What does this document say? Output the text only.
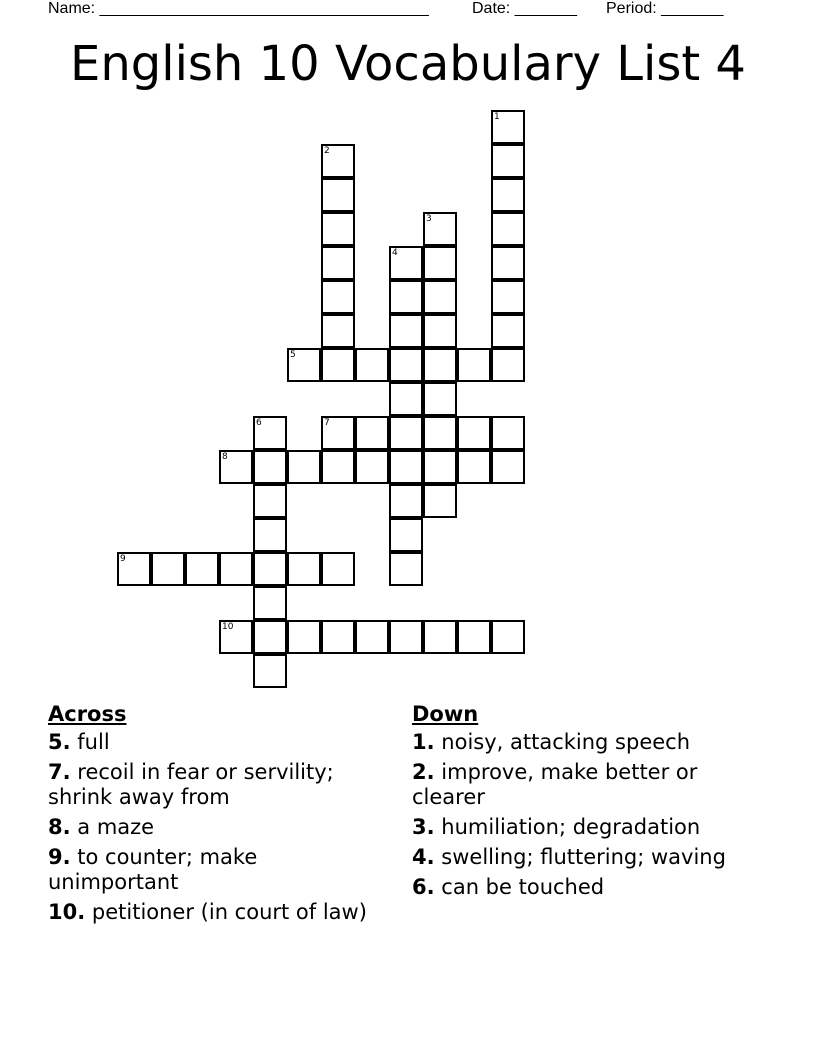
Name: _____________________________________	Date: _______ Period: _______
English 10 Vocabulary List 4
1
2
3
4
5
6	7
8
9
10
Across
5. full
7. recoil in fear or servility; shrink away from
8. a maze
9. to counter; make unimportant
10. petitioner (in court of law)
Down
1. noisy, attacking speech
2. improve, make better or clearer
3. humiliation; degradation
4. swelling; fluttering; waving
6. can be touched
